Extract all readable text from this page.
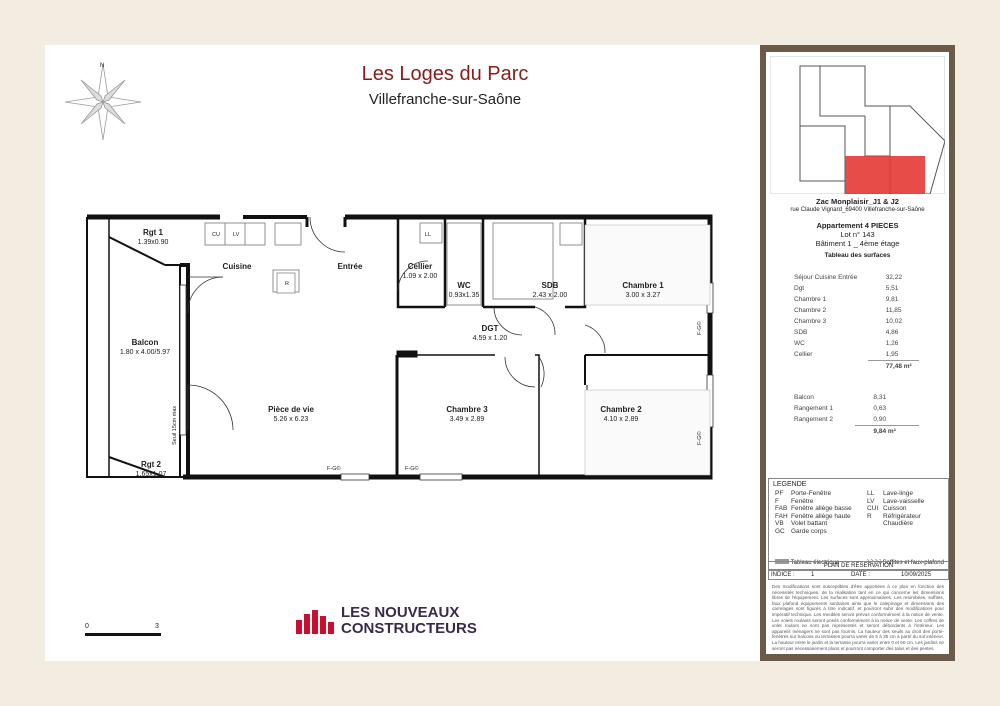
Les Loges du Parc
Villefranche-sur-Saône
N
Rgt 1
1.39x0.90
Cuisine	Entrée	Cellier
1.09 x 2.00
WC
0.93x1.35
SDB
2.43 x 2.00
Chambre 1
3.00 x 3.27
DGT
4.59 x 1.20
Balcon
1.80 x 4.00/5.97
Pièce de vie
5.26 x 6.23
Chambre 3
3.49 x 2.89
Chambre 2
4.10 x 2.89
Rgt 2
1.65x1.07
CU LV	LL
R
F-G©	F-G©
F-G©
F-G©
Seuil 15cm max
0	3
LES NOUVEAUX
CONSTRUCTEURS
Zac Monplaisir_J1 & J2
rue Claude Vignard_69400 Villefranche-sur-Saône
Appartement 4 PIECES
Lot n° 143
Bâtiment 1 _ 4ème étage
Tableau des surfaces
Séjour Cuisine Entrée	32,22
Dgt	5,51
Chambre 1	9,81
Chambre 2	11,85
Chambre 3	10,02
SDB	4,86
WC	1,26
Cellier	1,95
	77,48 m²
Balcon	8,31
Rangement 1	0,63
Rangement 2	0,90
	9,84 m²
LEGENDE
PF Porte-Fenêtre
F Fenêtre
FAB Fenêtre allège basse
FAH Fenêtre allège haute
VB Volet battant
GC Garde corps
LL Lave-linge
LV Lave-vaisselle
CUI Cuisson
R Réfrigérateur
Chaudière
Tableau électrique	Soffites et faux-plafond
PLAN DE RÉSERVATION
INDICE :	1	DATE :	10/09/2025
Des modifications sont susceptibles d'être apportées à ce plan en fonction des nécessités techniques, de la réalisation tant en ce qui concerne les dimensions libres de l'équipement. Les surfaces sont approximatives. Les retombées, soffites, faux plafond équipements sanitaires ainsi que le calepinage et dimensions des carrelages sont figurés à titre indicatif, et pourront subir des modifications pour impératif technique. Les meubles seront prévus conformément à la notice de vente. Les volets roulants seront posés conformément à la notice de vente. Les coffres de volet roulant ne sont pas représentés et seront débordants à l'intérieur. Les appareils ménagers ne sont pas fournis. La hauteur des seuils au droit des porte-fenêtres sur balcons ou terrasses pourra varier de 5 à 35 cm à partir du sol intérieur. La hauteur entre le jardin et la terrasse pourra varier entre 0 et 60 cm. Les jardins ne seront pas nécessairement plans et pourront comporter des talus et des pentes.
